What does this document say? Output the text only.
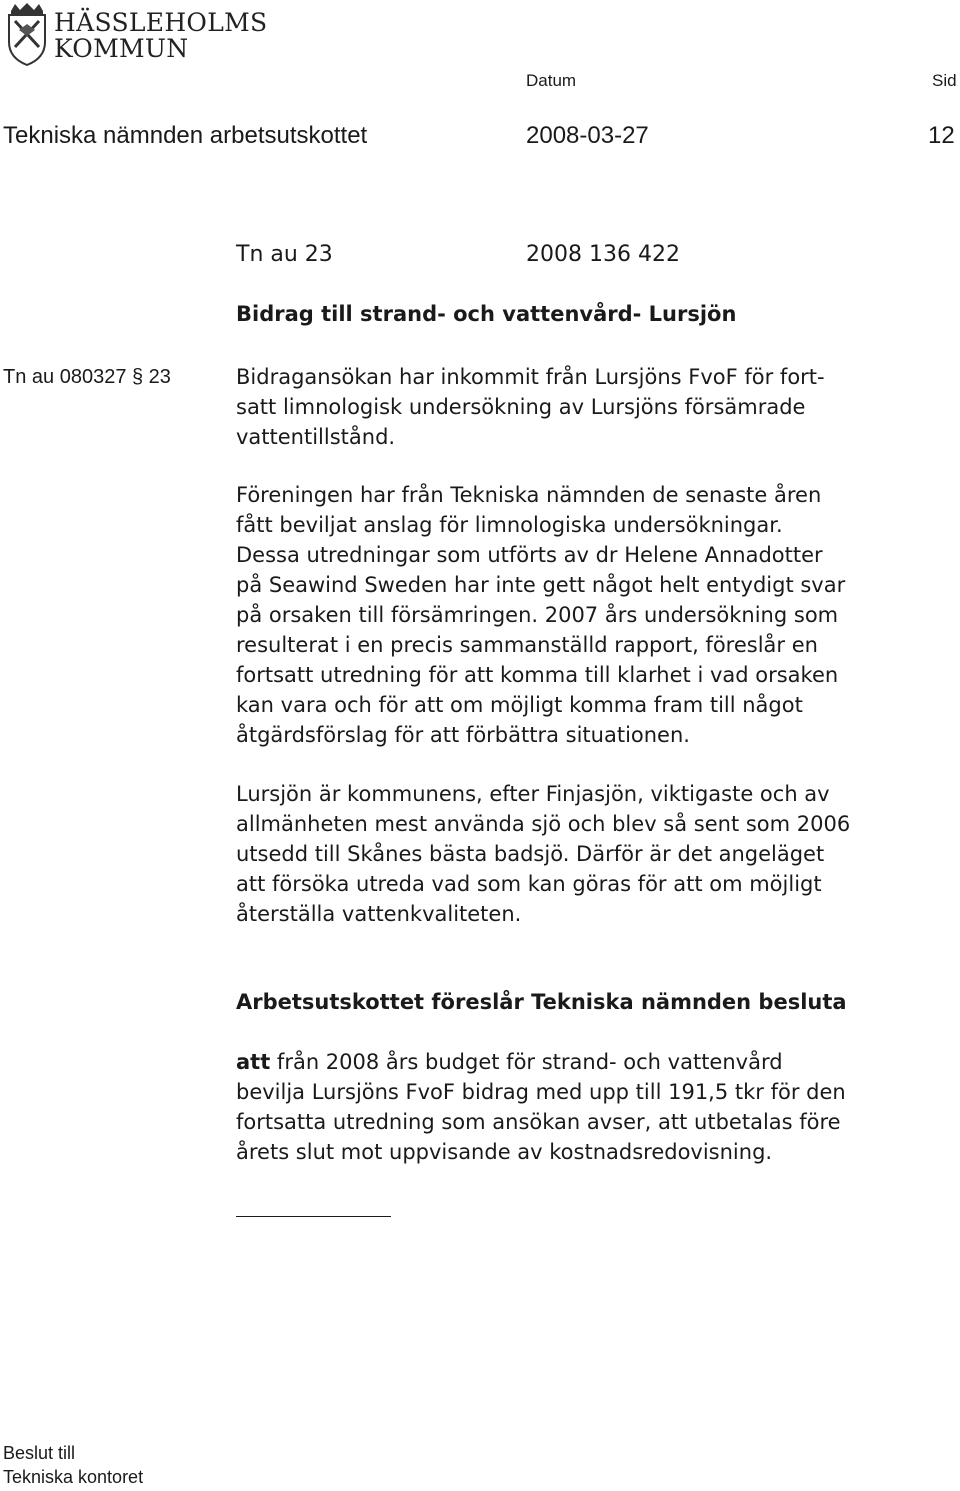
HÄSSLEHOLMS
KOMMUN
Datum	Sid
Tekniska nämnden arbetsutskottet	2008-03-27	12
Tn au 23	2008 136 422
Bidrag till strand- och vattenvård- Lursjön
Tn au 080327 § 23	Bidragansökan har inkommit från Lursjöns FvoF för fort-
satt limnologisk undersökning av Lursjöns försämrade
vattentillstånd.
Föreningen har från Tekniska nämnden de senaste åren
fått beviljat anslag för limnologiska undersökningar.
Dessa utredningar som utförts av dr Helene Annadotter
på Seawind Sweden har inte gett något helt entydigt svar
på orsaken till försämringen. 2007 års undersökning som
resulterat i en precis sammanställd rapport, föreslår en
fortsatt utredning för att komma till klarhet i vad orsaken
kan vara och för att om möjligt komma fram till något
åtgärdsförslag för att förbättra situationen.
Lursjön är kommunens, efter Finjasjön, viktigaste och av
allmänheten mest använda sjö och blev så sent som 2006
utsedd till Skånes bästa badsjö. Därför är det angeläget
att försöka utreda vad som kan göras för att om möjligt
återställa vattenkvaliteten.
Arbetsutskottet föreslår Tekniska nämnden besluta
att från 2008 års budget för strand- och vattenvård
bevilja Lursjöns FvoF bidrag med upp till 191,5 tkr för den
fortsatta utredning som ansökan avser, att utbetalas före
årets slut mot uppvisande av kostnadsredovisning.
Beslut till
Tekniska kontoret
